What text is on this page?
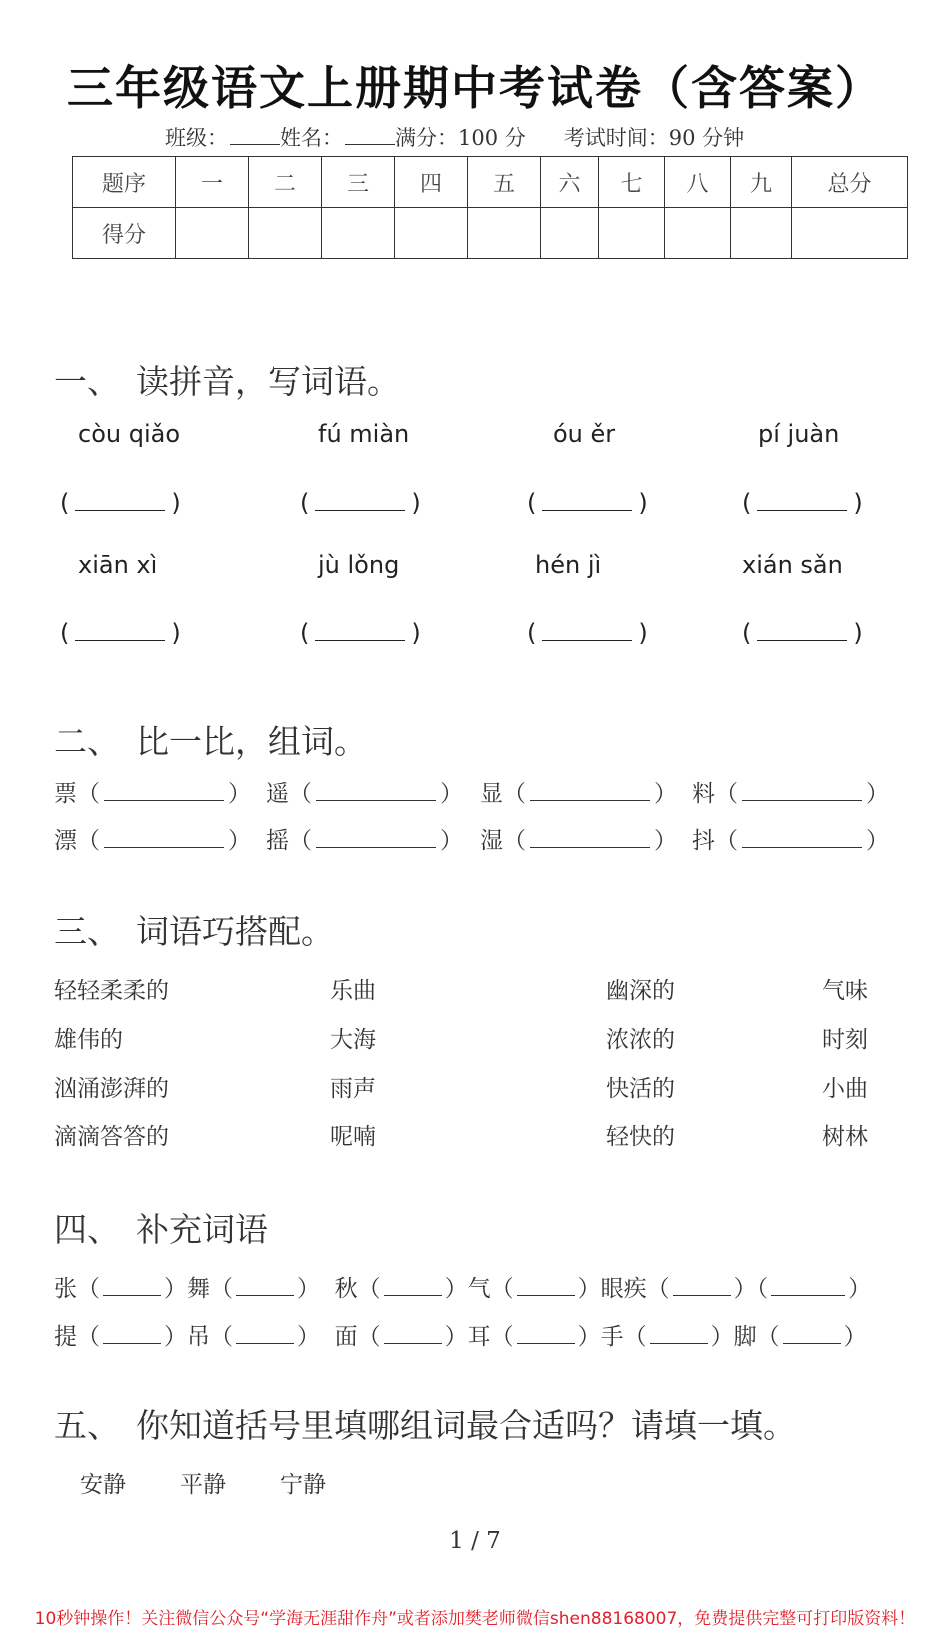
三年级语文上册期中考试卷（含答案）
班级： 姓名： 满分：100 分 考试时间：90 分钟
题序	一	二	三	四	五	六	七	八	九	总分
得分										
一、 读拼音，写词语。
còu qiǎo	fú miàn	óu ěr	pí juàn
(	)	(	)	(	)	(	)
xiān xì	jù lǒng	hén jì	xián sǎn
(	)	(	)	(	)	(	)
二、 比一比，组词。
票（	） 遥（	） 显（	） 料（	）
漂（	） 摇（	） 湿（	） 抖（	）
三、 词语巧搭配。
轻轻柔柔的	乐曲	幽深的	气味
雄伟的	大海	浓浓的	时刻
汹涌澎湃的	雨声	快活的	小曲
滴滴答答的	呢喃	轻快的	树林
四、 补充词语
张（	）舞（	） 秋（	）气（	）眼疾（	）（	）
提（	）吊（	） 面（	）耳（	）手（	）脚（	）
五、 你知道括号里填哪组词最合适吗？请填一填。
安静 平静 宁静
1 / 7
10秒钟操作！关注微信公众号“学海无涯甜作舟”或者添加樊老师微信shen88168007，免费提供完整可打印版资料！
